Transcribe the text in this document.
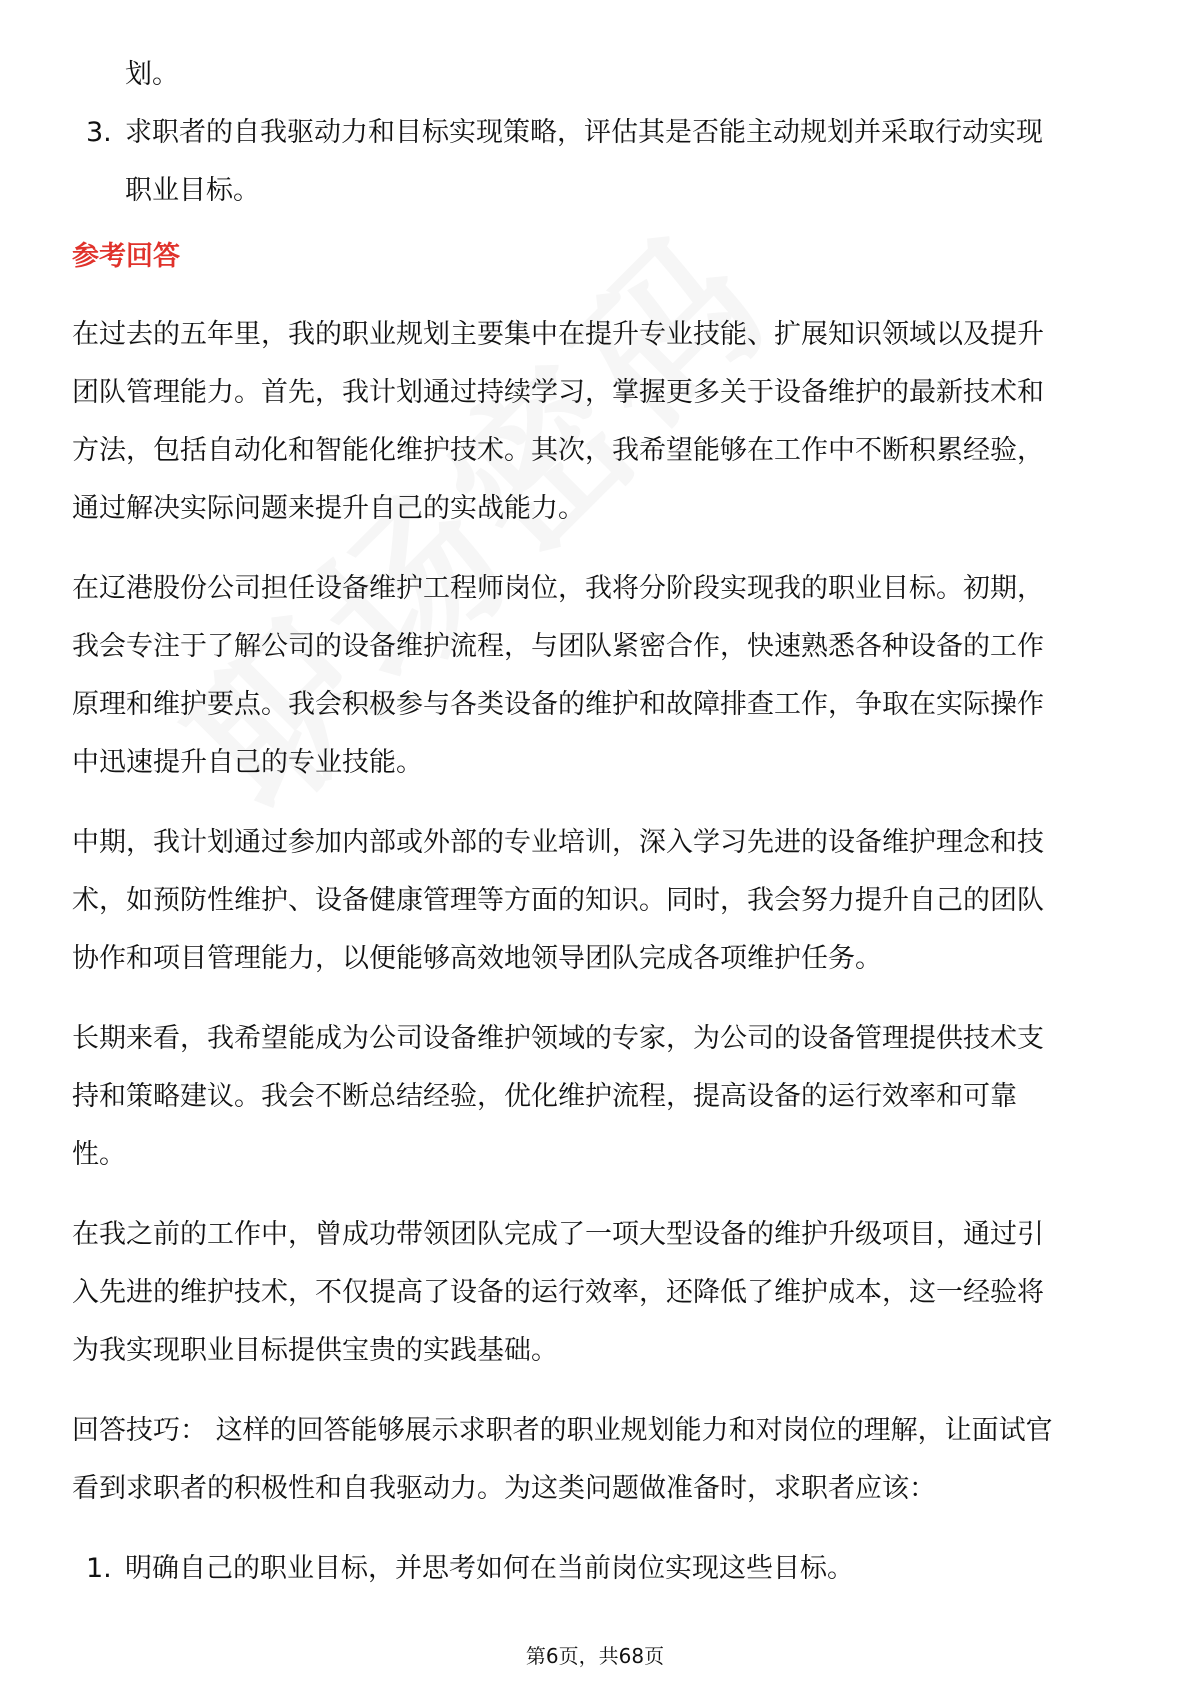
划。
3. 求职者的自我驱动力和目标实现策略，评估其是否能主动规划并采取行动实现
职业目标。
参考回答
在过去的五年里，我的职业规划主要集中在提升专业技能、扩展知识领域以及提升
团队管理能力。首先，我计划通过持续学习，掌握更多关于设备维护的最新技术和
方法，包括自动化和智能化维护技术。其次，我希望能够在工作中不断积累经验，
通过解决实际问题来提升自己的实战能力。
在辽港股份公司担任设备维护工程师岗位，我将分阶段实现我的职业目标。初期，
我会专注于了解公司的设备维护流程，与团队紧密合作，快速熟悉各种设备的工作
原理和维护要点。我会积极参与各类设备的维护和故障排查工作，争取在实际操作
中迅速提升自己的专业技能。
中期，我计划通过参加内部或外部的专业培训，深入学习先进的设备维护理念和技
术，如预防性维护、设备健康管理等方面的知识。同时，我会努力提升自己的团队
协作和项目管理能力，以便能够高效地领导团队完成各项维护任务。
长期来看，我希望能成为公司设备维护领域的专家，为公司的设备管理提供技术支
持和策略建议。我会不断总结经验，优化维护流程，提高设备的运行效率和可靠
性。
在我之前的工作中，曾成功带领团队完成了一项大型设备的维护升级项目，通过引
入先进的维护技术，不仅提高了设备的运行效率，还降低了维护成本，这一经验将
为我实现职业目标提供宝贵的实践基础。
回答技巧： 这样的回答能够展示求职者的职业规划能力和对岗位的理解，让面试官
看到求职者的积极性和自我驱动力。为这类问题做准备时，求职者应该：
1. 明确自己的职业目标，并思考如何在当前岗位实现这些目标。
第6页，共68页
